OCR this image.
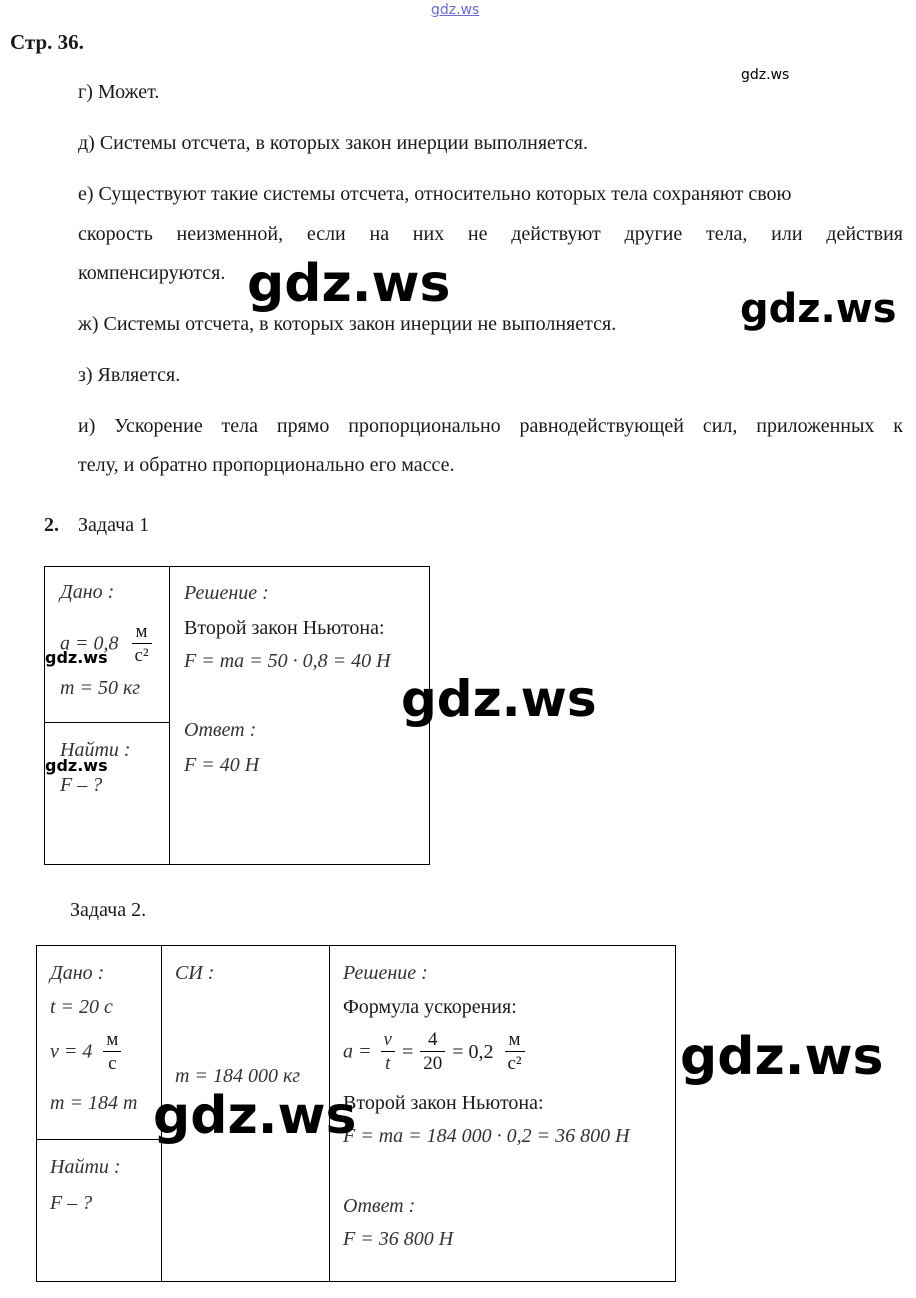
gdz.ws
Стр. 36.
gdz.ws
г) Может.
д) Системы отсчета, в которых закон инерции выполняется.
е) Существуют такие системы отсчета, относительно которых тела сохраняют свою
скорость неизменной, если на них не действуют другие тела, или действия
компенсируются.
ж) Системы отсчета, в которых закон инерции не выполняется.
з) Является.
и) Ускорение тела прямо пропорционально равнодействующей сил, приложенных к
телу, и обратно пропорционально его массе.
gdz.ws	gdz.ws
2. Задача 1
Дано :
$a = 0,8 \frac{м}{\text{с²}}$
m = 50 кг
gdz.ws
Найти :
gdz.ws
F – ?
Решение :
Второй закон Ньютона:
F = ma = 50 · 0,8 = 40 Н
Ответ :
F = 40 Н
gdz.ws
Задача 2.
Дано :
t = 20 с
$v = 4 \frac{м}{с}$
m = 184 т
Найти :
F – ?
СИ :
m = 184 000 кг
Решение :
Формула ускорения:
$a = \frac{v}{t} = \frac{4}{20} = 0,2 \frac{м}{\text{с²}}$
Второй закон Ньютона:
F = ma = 184 000 · 0,2 = 36 800 Н
Ответ :
F = 36 800 Н
gdz.ws
gdz.ws
